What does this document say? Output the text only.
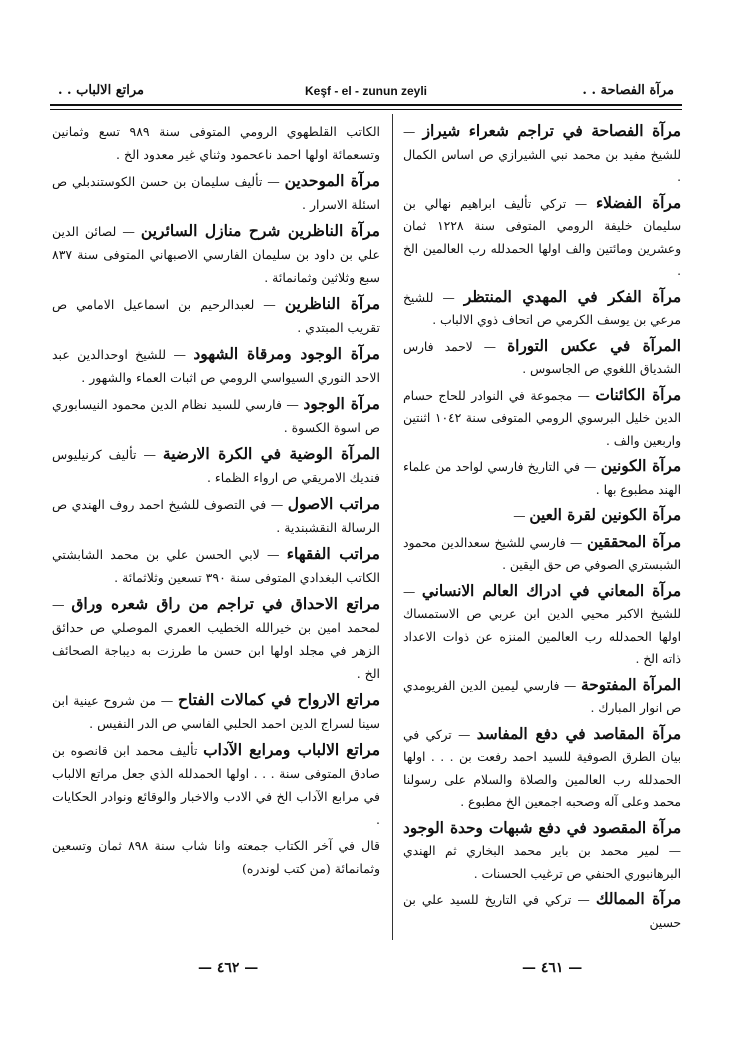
مراتع الالباب . .	Keşf - el - zunun zeyli	مرآة الفصاحة . .

مرآة الفصاحة في تراجم شعراء شيراز — للشيخ مفيد بن محمد نبي الشيرازي ص اساس الكمال .

مرآة الفضلاء — تركي تأليف ابراهيم نهالي بن سليمان خليفة الرومي المتوفى سنة ١٢٢٨ ثمان وعشرين ومائتين والف اولها الحمدلله رب العالمين الخ .

مرآة الفكر في المهدي المنتظر — للشيخ مرعي بن يوسف الكرمي ص اتحاف ذوي الالباب .

المرآة في عكس التوراة — لاحمد فارس الشدياق اللغوي ص الجاسوس .

مرآة الكائنات — مجموعة في النوادر للحاج حسام الدين خليل البرسوي الرومي المتوفى سنة ١٠٤٢ اثنتين واربعين والف .

مرآة الكونين — في التاريخ فارسي لواحد من علماء الهند مطبوع بها .

مرآة الكونين لقرة العين —

مرآة المحققين — فارسي للشيخ سعدالدين محمود الشبستري الصوفي ص حق اليقين .

مرآة المعاني في ادراك العالم الانساني — للشيخ الاكبر محيي الدين ابن عربي ص الاستمساك اولها الحمدلله رب العالمين المنزه عن ذوات الاعداد ذاته الخ .

المرآة المفتوحة — فارسي ليمين الدين الفريومدي ص انوار المبارك .

مرآة المقاصد في دفع المفاسد — تركي في بيان الطرق الصوفية للسيد احمد رفعت بن . . . اولها الحمدلله رب العالمين والصلاة والسلام على رسولنا محمد وعلى آله وصحبه اجمعين الخ مطبوع .

مرآة المقصود في دفع شبهات وحدة الوجود — لمير محمد بن باير محمد البخاري ثم الهندي البرهانبوري الحنفي ص ترغيب الحسنات .

مرآة الممالك — تركي في التاريخ للسيد علي بن حسين

الكاتب القلطهوي الرومي المتوفى سنة ٩٨٩ تسع وثمانين وتسعمائة اولها احمد ناعحمود وثناي غير معدود الخ .

مرآة الموحدين — تأليف سليمان بن حسن الكوستندبلي ص اسئلة الاسرار .

مرآة الناظرين شرح منازل السائرين — لصائن الدين علي بن داود بن سليمان الفارسي الاصبهاني المتوفى سنة ٨٣٧ سبع وثلاثين وثمانمائة .

مرآة الناظرين — لعبدالرحيم بن اسماعيل الامامي ص تقريب المبتدي .

مرآة الوجود ومرقاة الشهود — للشيخ اوحدالدين عبد الاحد النوري السيواسي الرومي ص اثبات العماء والشهور .

مرآة الوجود — فارسي للسيد نظام الدين محمود النيسابوري ص اسوة الكسوة .

المرآة الوضية في الكرة الارضية — تأليف كرنيليوس فنديك الامريقي ص ارواء الظماء .

مراتب الاصول — في التصوف للشيخ احمد روف الهندي ص الرسالة النقشبندية .

مراتب الفقهاء — لابي الحسن علي بن محمد الشابشتي الكاتب البغدادي المتوفى سنة ٣٩٠ تسعين وثلاثمائة .

مراتع الاحداق في تراجم من راق شعره وراق — لمحمد امين بن خيرالله الخطيب العمري الموصلي ص حدائق الزهر في مجلد اولها ابن حسن ما طرزت به ديباجة الصحائف الخ .

مراتع الارواح في كمالات الفتاح — من شروح عينية ابن سينا لسراج الدين احمد الحلبي الفاسي ص الدر النفيس .

مراتع الالباب ومرابع الآداب تأليف محمد ابن قانصوه بن صادق المتوفى سنة . . . اولها الحمدلله الذي جعل مراتع الالباب في مرابع الآداب الخ في الادب والاخبار والوقائع ونوادر الحكايات .

قال في آخر الكتاب جمعته وانا شاب سنة ٨٩٨ ثمان وتسعين وثمانمائة (من كتب لوندره)

— ٤٦٢ —	— ٤٦١ —
